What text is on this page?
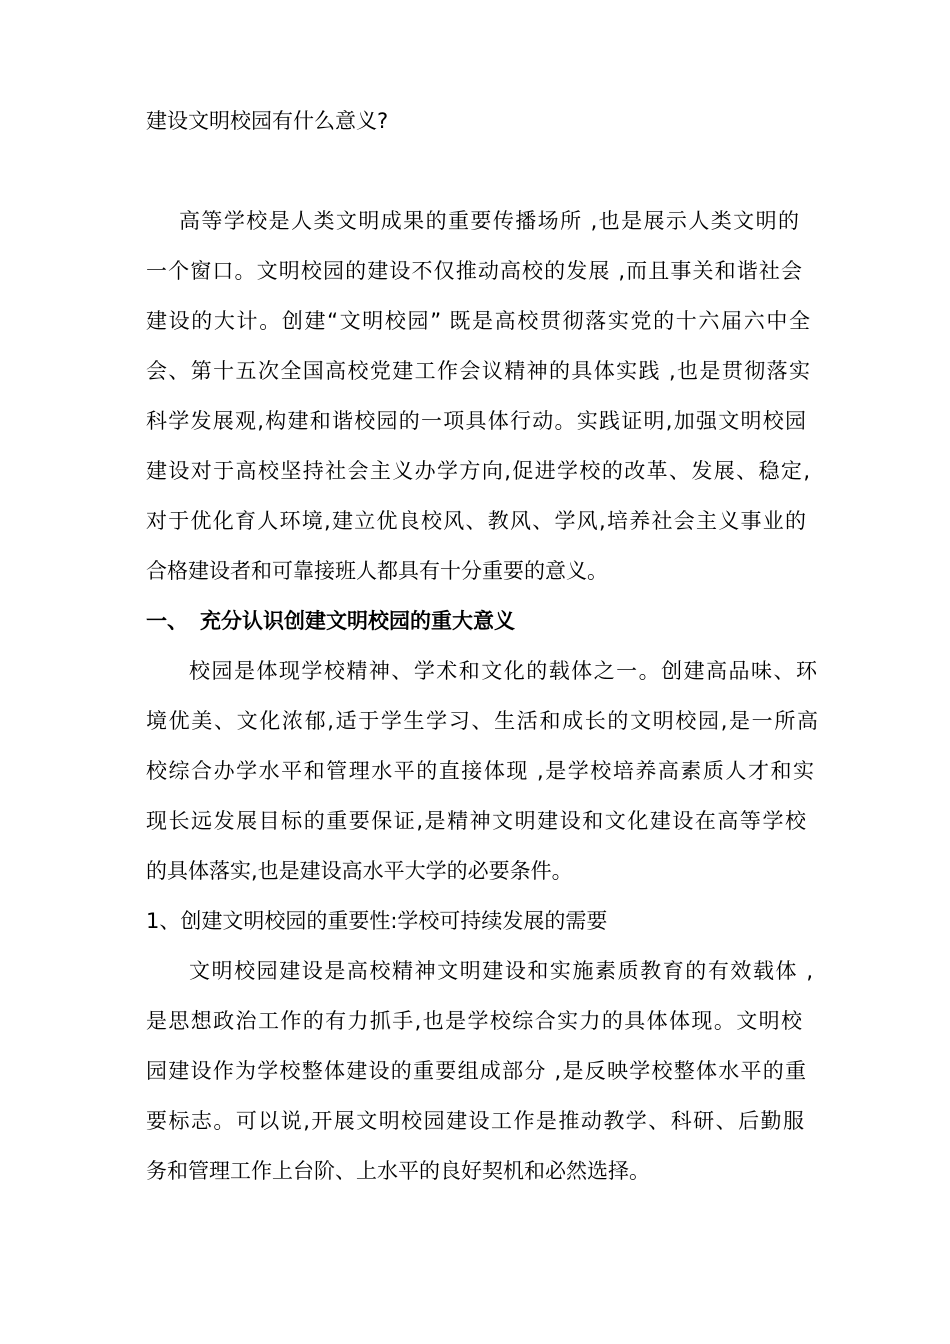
建设文明校园有什么意义?
高等学校是人类文明成果的重要传播场所 ,也是展示人类文明的
一个窗口。文明校园的建设不仅推动高校的发展 ,而且事关和谐社会
建设的大计。创建“文明校园” 既是高校贯彻落实党的十六届六中全
会、第十五次全国高校党建工作会议精神的具体实践 ,也是贯彻落实
科学发展观,构建和谐校园的一项具体行动。实践证明,加强文明校园
建设对于高校坚持社会主义办学方向,促进学校的改革、发展、稳定,
对于优化育人环境,建立优良校风、教风、学风,培养社会主义事业的
合格建设者和可靠接班人都具有十分重要的意义。
一、 充分认识创建文明校园的重大意义
校园是体现学校精神、学术和文化的载体之一。创建高品味、环
境优美、文化浓郁,适于学生学习、生活和成长的文明校园,是一所高
校综合办学水平和管理水平的直接体现 ,是学校培养高素质人才和实
现长远发展目标的重要保证,是精神文明建设和文化建设在高等学校
的具体落实,也是建设高水平大学的必要条件。
1、创建文明校园的重要性:学校可持续发展的需要
文明校园建设是高校精神文明建设和实施素质教育的有效载体 ,
是思想政治工作的有力抓手,也是学校综合实力的具体体现。文明校
园建设作为学校整体建设的重要组成部分 ,是反映学校整体水平的重
要标志。可以说,开展文明校园建设工作是推动教学、科研、后勤服
务和管理工作上台阶、上水平的良好契机和必然选择。
